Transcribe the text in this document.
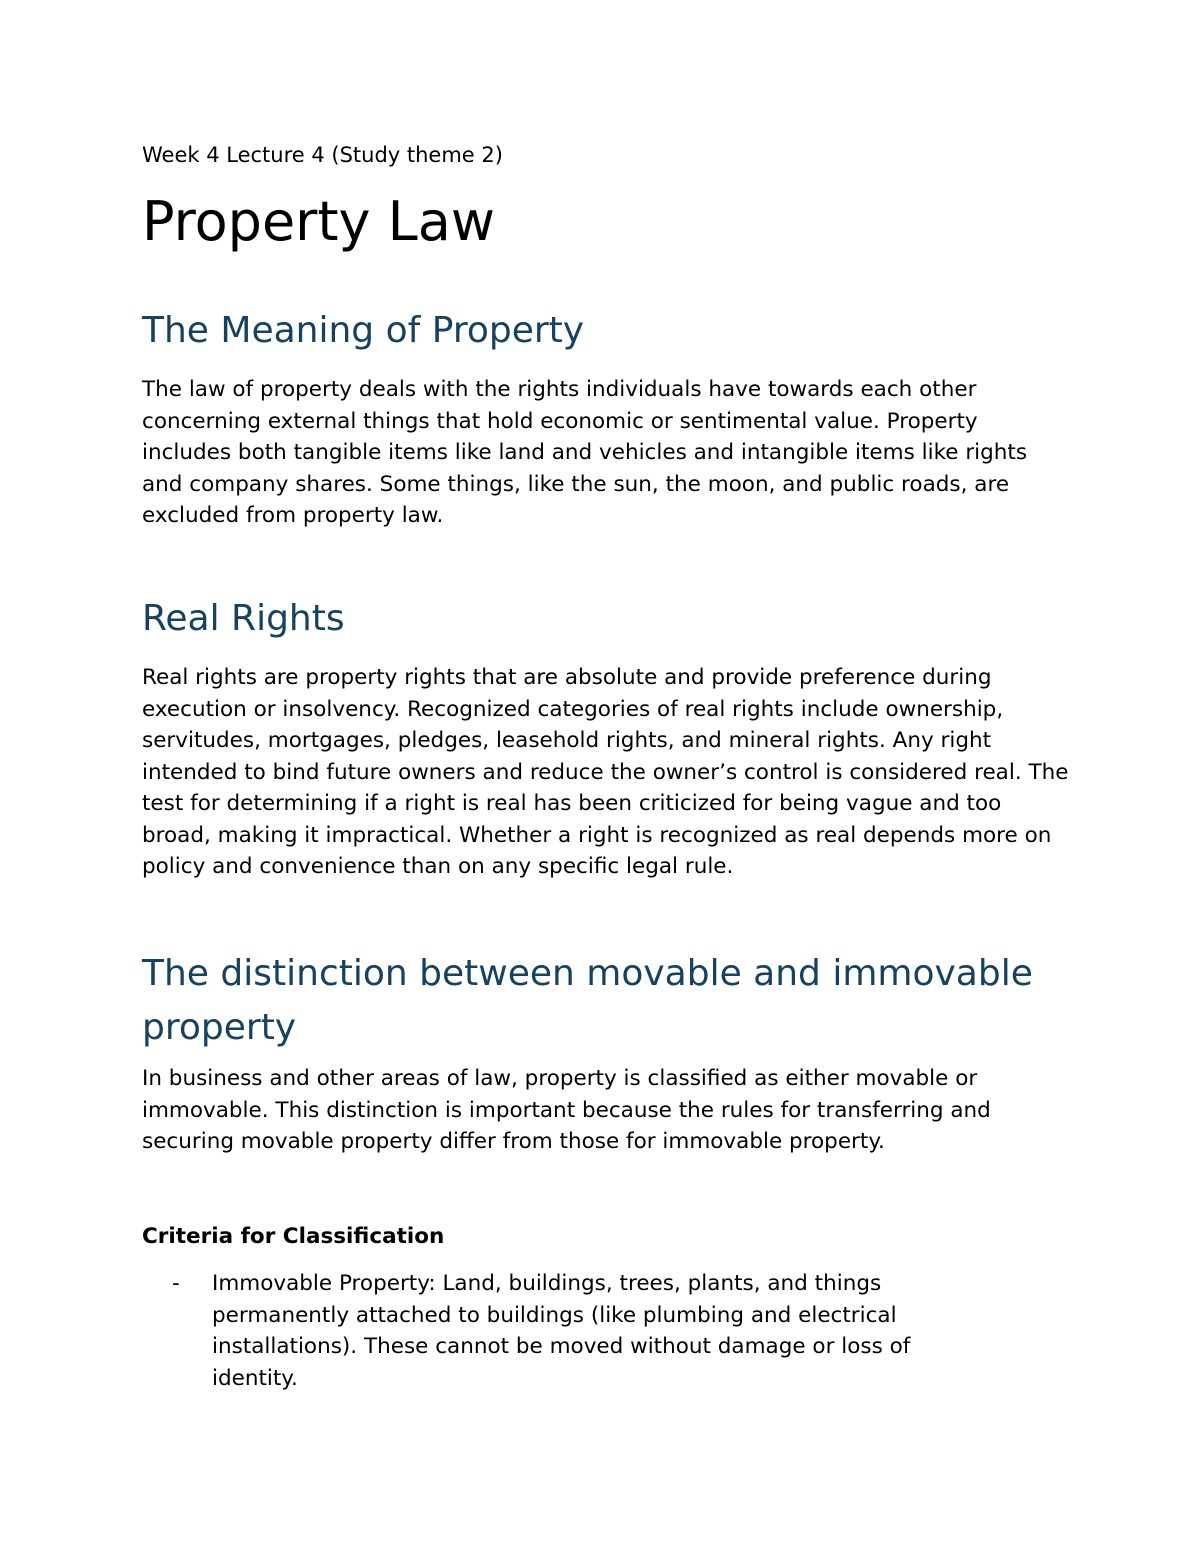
Week 4 Lecture 4 (Study theme 2)

Property Law
The Meaning of Property

The law of property deals with the rights individuals have towards each other concerning external things that hold economic or sentimental value. Property includes both tangible items like land and vehicles and intangible items like rights and company shares. Some things, like the sun, the moon, and public roads, are excluded from property law.

Real Rights

Real rights are property rights that are absolute and provide preference during execution or insolvency. Recognized categories of real rights include ownership, servitudes, mortgages, pledges, leasehold rights, and mineral rights. Any right intended to bind future owners and reduce the owner’s control is considered real. The test for determining if a right is real has been criticized for being vague and too broad, making it impractical. Whether a right is recognized as real depends more on policy and convenience than on any specific legal rule.

The distinction between movable and immovable property

In business and other areas of law, property is classified as either movable or immovable. This distinction is important because the rules for transferring and securing movable property differ from those for immovable property.

Criteria for Classification
- Immovable Property: Land, buildings, trees, plants, and things permanently attached to buildings (like plumbing and electrical installations). These cannot be moved without damage or loss of identity.
